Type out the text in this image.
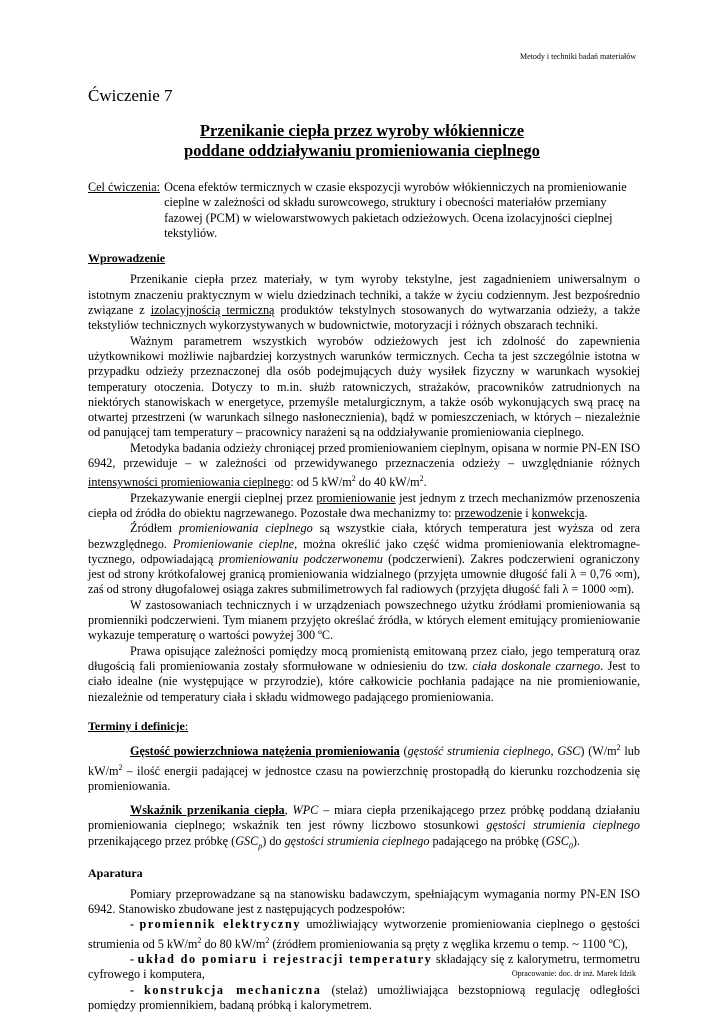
Metody i techniki badań materiałów
Ćwiczenie 7
Przenikanie ciepła przez wyroby włókiennicze
poddane oddziaływaniu promieniowania cieplnego
Cel ćwiczenia: Ocena efektów termicznych w czasie ekspozycji wyrobów włókienniczych na promieniowanie cieplne w zależności od składu surowcowego, struktury i obecności materiałów przemiany fazowej (PCM) w wielowarstwowych pakietach odzieżowych. Ocena izolacyjności cieplnej tekstyliów.
Wprowadzenie

Przenikanie ciepła przez materiały, w tym wyroby tekstylne, jest zagadnieniem uniwersalnym o istotnym znaczeniu praktycznym w wielu dziedzinach techniki, a także w życiu codziennym. Jest bezpośrednio związane z izolacyjnością termiczną produktów tekstylnych stosowanych do wytwarzania odzieży, a także tekstyliów technicznych wykorzystywanych w budownictwie, motoryzacji i różnych obszarach techniki.

Ważnym parametrem wszystkich wyrobów odzieżowych jest ich zdolność do zapewnienia użytkownikowi możliwie najbardziej korzystnych warunków termicznych. Cecha ta jest szczególnie istotna w przypadku odzieży przeznaczonej dla osób podejmujących duży wysiłek fizyczny w warunkach wysokiej temperatury otoczenia. Dotyczy to m.in. służb ratowniczych, strażaków, pracowników zatrudnionych na niektórych stanowiskach w energetyce, przemyśle metalurgicznym, a także osób wykonujących swą pracę na otwartej przestrzeni (w warunkach silnego nasłonecznienia), bądź w pomieszczeniach, w których – niezależnie od panującej tam temperatury – pracownicy narażeni są na oddziaływanie promieniowania cieplnego.

Metodyka badania odzieży chroniącej przed promieniowaniem cieplnym, opisana w normie PN-EN ISO 6942, przewiduje – w zależności od przewidywanego przeznaczenia odzieży – uwzględnianie różnych intensywności promieniowania cieplnego: od 5 $kW/m^2$ do 40 $kW/m^2$.

Przekazywanie energii cieplnej przez promieniowanie jest jednym z trzech mechanizmów przenoszenia ciepła od źródła do obiektu nagrzewanego. Pozostałe dwa mechanizmy to: przewodzenie i konwekcja.

Źródłem promieniowania cieplnego są wszystkie ciała, których temperatura jest wyższa od zera bezwzględnego. Promieniowanie cieplne, można określić jako część widma promieniowania elektromagne-tycznego, odpowiadającą promieniowaniu podczerwonemu (podczerwieni). Zakres podczerwieni ograniczony jest od strony krótkofalowej granicą promieniowania widzialnego (przyjęta umownie długość fali λ = 0,76 ∞m), zaś od strony długofalowej osiąga zakres submilimetrowych fal radiowych (przyjęta długość fali λ = 1000 ∞m).

W zastosowaniach technicznych i w urządzeniach powszechnego użytku źródłami promieniowania są promienniki podczerwieni. Tym mianem przyjęto określać źródła, w których element emitujący promieniowanie wykazuje temperaturę o wartości powyżej 300 ºC.

Prawa opisujące zależności pomiędzy mocą promienistą emitowaną przez ciało, jego temperaturą oraz długością fali promieniowania zostały sformułowane w odniesieniu do tzw. ciała doskonale czarnego. Jest to ciało idealne (nie występujące w przyrodzie), które całkowicie pochłania padające na nie promieniowanie, niezależnie od temperatury ciała i składu widmowego padającego promieniowania.

Terminy i definicje:

Gęstość powierzchniowa natężenia promieniowania (gęstość strumienia cieplnego, GSC) ($W/m^2$ lub $kW/m^2$ – ilość energii padającej w jednostce czasu na powierzchnię prostopadłą do kierunku rozchodzenia się promieniowania.

Wskaźnik przenikania ciepła, WPC – miara ciepła przenikającego przez próbkę poddaną działaniu promieniowania cieplnego; wskaźnik ten jest równy liczbowo stosunkowi gęstości strumienia cieplnego przenikającego przez próbkę $(GSC_p)$ do gęstości strumienia cieplnego padającego na próbkę $(GSC_0)$.

Aparatura

Pomiary przeprowadzane są na stanowisku badawczym, spełniającym wymagania normy PN-EN ISO 6942. Stanowisko zbudowane jest z następujących podzespołów:

- promiennik elektryczny umożliwiający wytworzenie promieniowania cieplnego o gęstości strumienia od 5 $kW/m^2$ do 80 $kW/m^2$ (źródłem promieniowania są pręty z węglika krzemu o temp. ~ 1100 ºC),

- układ do pomiaru i rejestracji temperatury składający się z kalorymetru, termometru cyfrowego i komputera,

- konstrukcja mechaniczna (stelaż) umożliwiająca bezstopniową regulację odległości pomiędzy promiennikiem, badaną próbką i kalorymetrem.

Opracowanie: doc. dr inż. Marek Idzik
